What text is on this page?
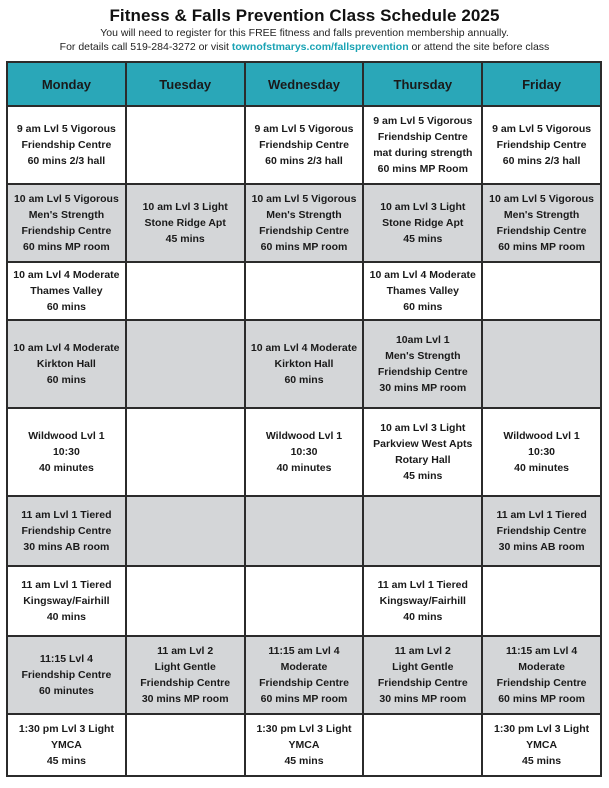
Fitness & Falls Prevention Class Schedule 2025
You will need to register for this FREE fitness and falls prevention membership annually.
For details call 519-284-3272 or visit townofstmarys.com/fallsprevention or attend the site before class
Monday	Tuesday	Wednesday	Thursday	Friday

9 am Lvl 5 Vigorous
Friendship Centre
60 mins 2/3 hall		9 am Lvl 5 Vigorous
Friendship Centre
60 mins 2/3 hall	9 am Lvl 5 Vigorous
Friendship Centre
mat during strength
60 mins MP Room	9 am Lvl 5 Vigorous
Friendship Centre
60 mins 2/3 hall

10 am Lvl 5 Vigorous
Men's Strength
Friendship Centre
60 mins MP room	10 am Lvl 3 Light
Stone Ridge Apt
45 mins	10 am Lvl 5 Vigorous
Men's Strength
Friendship Centre
60 mins MP room	10 am Lvl 3 Light
Stone Ridge Apt
45 mins	10 am Lvl 5 Vigorous
Men's Strength
Friendship Centre
60 mins MP room

10 am Lvl 4 Moderate
Thames Valley
60 mins			10 am Lvl 4 Moderate
Thames Valley
60 mins	

10 am Lvl 4 Moderate
Kirkton Hall
60 mins		10 am Lvl 4 Moderate
Kirkton Hall
60 mins	10am Lvl 1
Men's Strength
Friendship Centre
30 mins MP room	

Wildwood Lvl 1
10:30
40 minutes		Wildwood Lvl 1
10:30
40 minutes	10 am Lvl 3 Light
Parkview West Apts
Rotary Hall
45 mins	Wildwood Lvl 1
10:30
40 minutes

11 am Lvl 1 Tiered
Friendship Centre
30 mins AB room				11 am Lvl 1 Tiered
Friendship Centre
30 mins AB room

11 am Lvl 1 Tiered
Kingsway/Fairhill
40 mins			11 am Lvl 1 Tiered
Kingsway/Fairhill
40 mins	

11:15 Lvl 4
Friendship Centre
60 minutes	11 am Lvl 2
Light Gentle
Friendship Centre
30 mins MP room	11:15 am Lvl 4
Moderate
Friendship Centre
60 mins MP room	11 am Lvl 2
Light Gentle
Friendship Centre
30 mins MP room	11:15 am Lvl 4
Moderate
Friendship Centre
60 mins MP room

1:30 pm Lvl 3 Light
YMCA
45 mins		1:30 pm Lvl 3 Light
YMCA
45 mins		1:30 pm Lvl 3 Light
YMCA
45 mins
